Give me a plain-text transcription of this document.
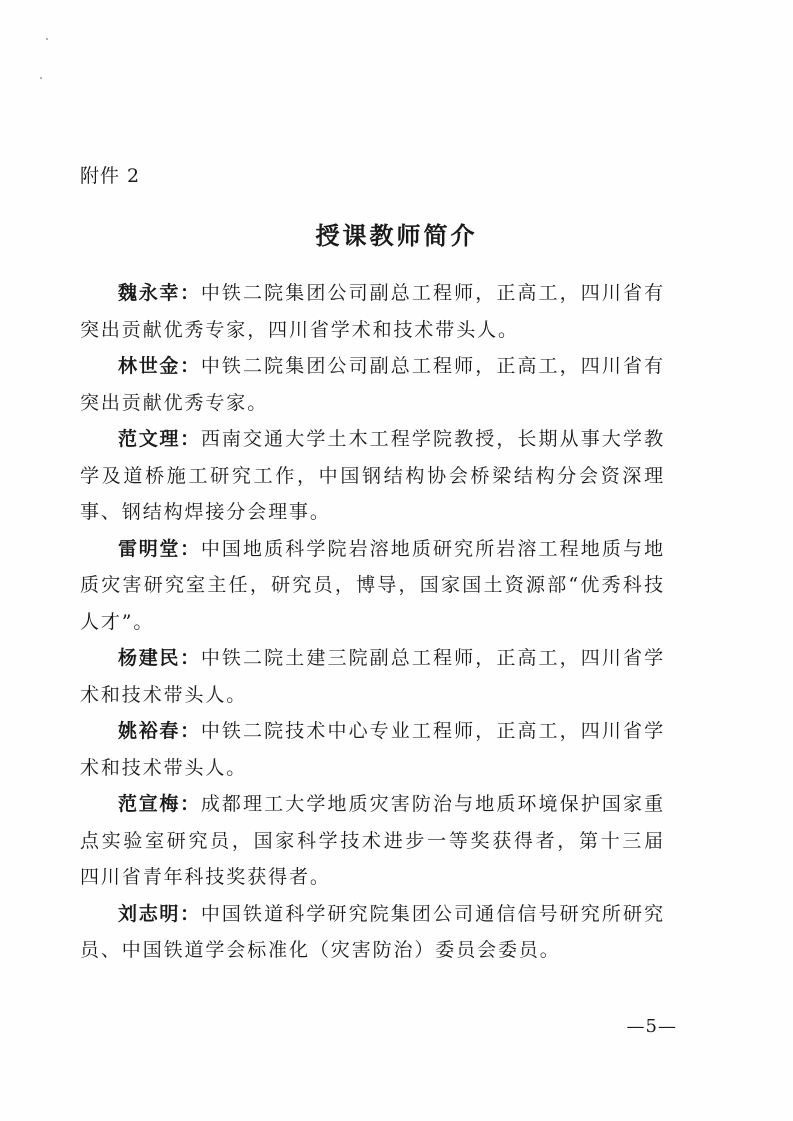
附件 2
授课教师简介

魏永幸：中铁二院集团公司副总工程师，正高工，四川省有突出贡献优秀专家，四川省学术和技术带头人。

林世金：中铁二院集团公司副总工程师，正高工，四川省有突出贡献优秀专家。

范文理：西南交通大学土木工程学院教授，长期从事大学教学及道桥施工研究工作，中国钢结构协会桥梁结构分会资深理事、钢结构焊接分会理事。

雷明堂：中国地质科学院岩溶地质研究所岩溶工程地质与地质灾害研究室主任，研究员，博导，国家国土资源部“优秀科技人才”。

杨建民：中铁二院土建三院副总工程师，正高工，四川省学术和技术带头人。

姚裕春：中铁二院技术中心专业工程师，正高工，四川省学术和技术带头人。

范宣梅：成都理工大学地质灾害防治与地质环境保护国家重点实验室研究员，国家科学技术进步一等奖获得者，第十三届四川省青年科技奖获得者。

刘志明：中国铁道科学研究院集团公司通信信号研究所研究员、中国铁道学会标准化（灾害防治）委员会委员。

—5—
